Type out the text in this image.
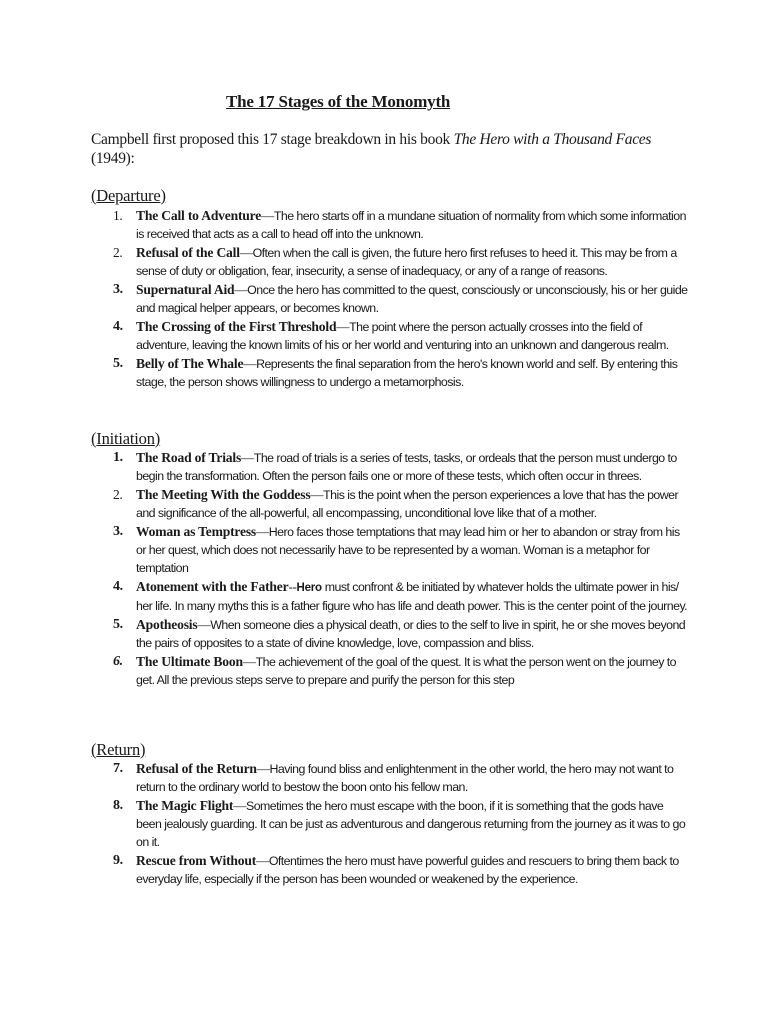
The 17 Stages of the Monomyth
Campbell first proposed this 17 stage breakdown in his book The Hero with a Thousand Faces (1949):
(Departure)
1. The Call to Adventure—The hero starts off in a mundane situation of normality from which some information is received that acts as a call to head off into the unknown.
2. Refusal of the Call—Often when the call is given, the future hero first refuses to heed it. This may be from a sense of duty or obligation, fear, insecurity, a sense of inadequacy, or any of a range of reasons.
3. Supernatural Aid—Once the hero has committed to the quest, consciously or unconsciously, his or her guide and magical helper appears, or becomes known.
4. The Crossing of the First Threshold—The point where the person actually crosses into the field of adventure, leaving the known limits of his or her world and venturing into an unknown and dangerous realm.
5. Belly of The Whale—Represents the final separation from the hero's known world and self. By entering this stage, the person shows willingness to undergo a metamorphosis.
(Initiation)
1. The Road of Trials—The road of trials is a series of tests, tasks, or ordeals that the person must undergo to begin the transformation. Often the person fails one or more of these tests, which often occur in threes.
2. The Meeting With the Goddess—This is the point when the person experiences a love that has the power and significance of the all-powerful, all encompassing, unconditional love like that of a mother.
3. Woman as Temptress—Hero faces those temptations that may lead him or her to abandon or stray from his or her quest, which does not necessarily have to be represented by a woman. Woman is a metaphor for temptation
4. Atonement with the Father--Hero must confront & be initiated by whatever holds the ultimate power in his/ her life. In many myths this is a father figure who has life and death power. This is the center point of the journey.
5. Apotheosis—When someone dies a physical death, or dies to the self to live in spirit, he or she moves beyond the pairs of opposites to a state of divine knowledge, love, compassion and bliss.
6. The Ultimate Boon—The achievement of the goal of the quest. It is what the person went on the journey to get. All the previous steps serve to prepare and purify the person for this step
(Return)
7. Refusal of the Return—Having found bliss and enlightenment in the other world, the hero may not want to return to the ordinary world to bestow the boon onto his fellow man.
8. The Magic Flight—Sometimes the hero must escape with the boon, if it is something that the gods have been jealously guarding. It can be just as adventurous and dangerous returning from the journey as it was to go on it.
9. Rescue from Without—Oftentimes the hero must have powerful guides and rescuers to bring them back to everyday life, especially if the person has been wounded or weakened by the experience.
